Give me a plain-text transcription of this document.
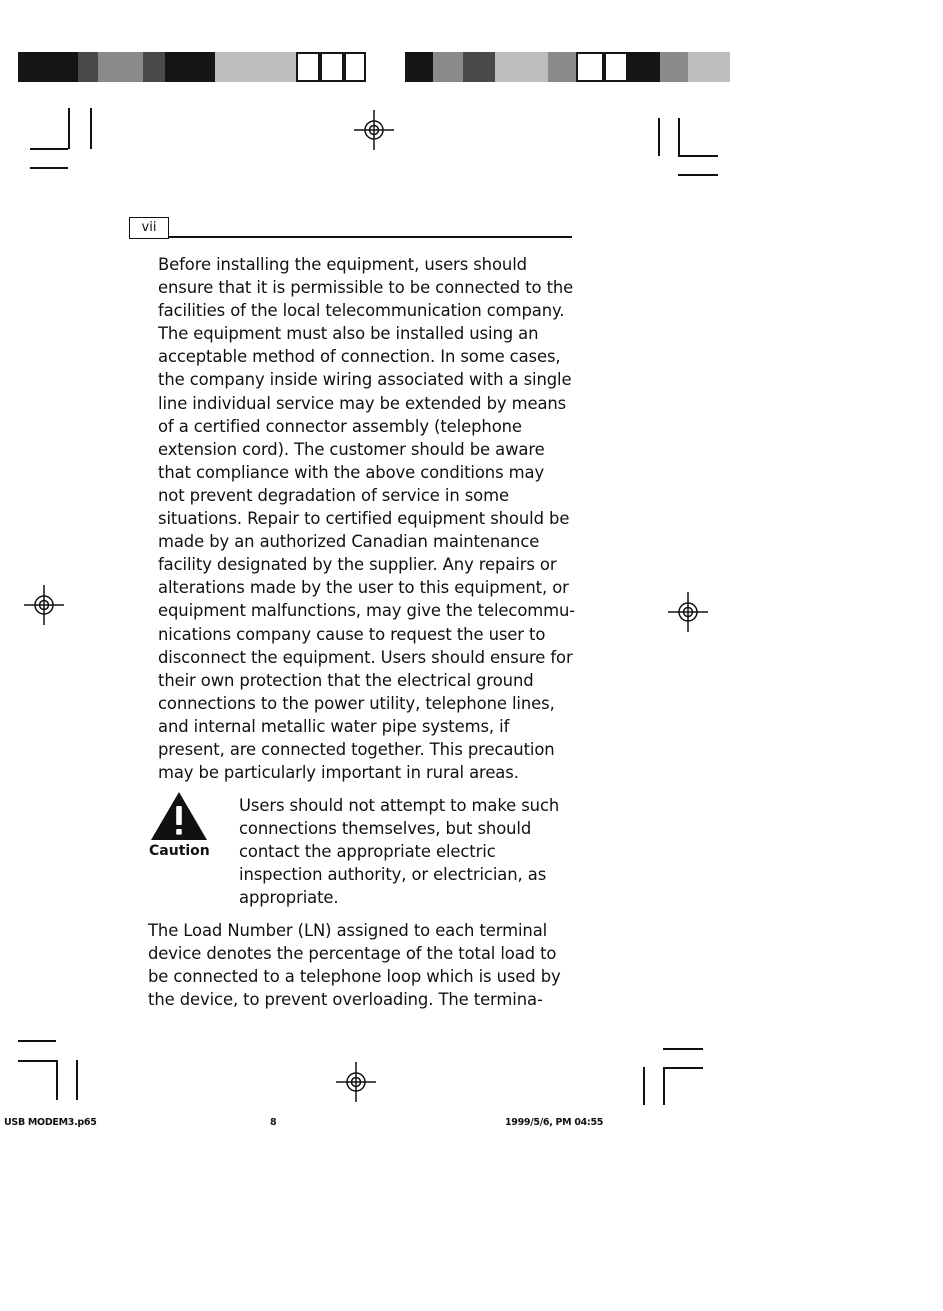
vii
Before installing the equipment, users should
ensure that it is permissible to be connected to the
facilities of the local telecommunication company.
The equipment must also be installed using an
acceptable method of connection. In some cases,
the company inside wiring associated with a single
line individual service may be extended by means
of a certified connector assembly (telephone
extension cord). The customer should be aware
that compliance with the above conditions may
not prevent degradation of service in some
situations. Repair to certified equipment should be
made by an authorized Canadian maintenance
facility designated by the supplier. Any repairs or
alterations made by the user to this equipment, or
equipment malfunctions, may give the telecommu-
nications company cause to request the user to
disconnect the equipment. Users should ensure for
their own protection that the electrical ground
connections to the power utility, telephone lines,
and internal metallic water pipe systems, if
present, are connected together. This precaution
may be particularly important in rural areas.
Caution
Users should not attempt to make such
connections themselves, but should
contact the appropriate electric
inspection authority, or electrician, as
appropriate.
The Load Number (LN) assigned to each terminal
device denotes the percentage of the total load to
be connected to a telephone loop which is used by
the device, to prevent overloading. The termina-
USB MODEM3.p65	8	1999/5/6, PM 04:55
